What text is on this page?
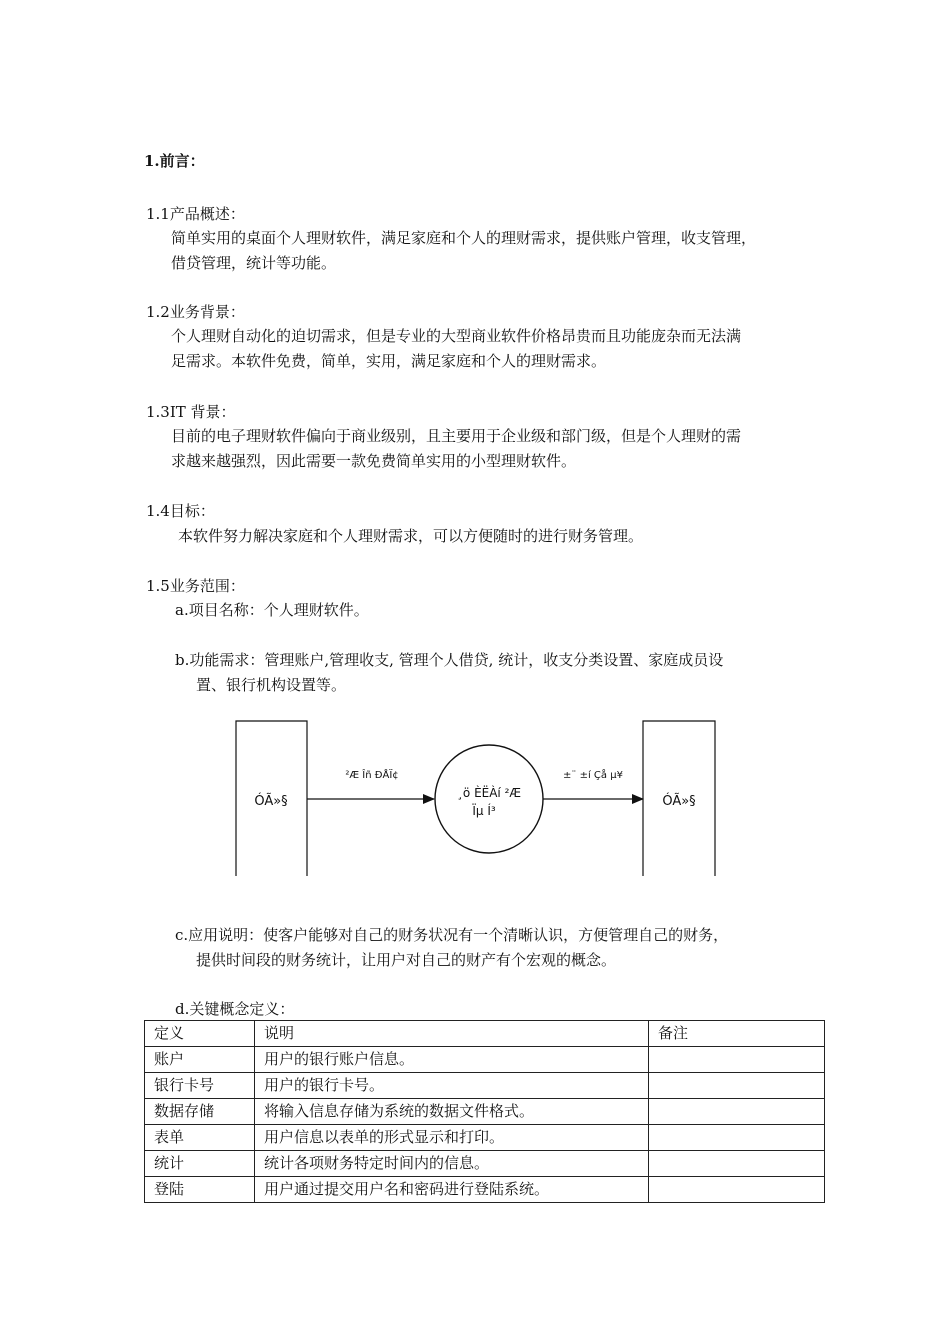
1.前言：
1.1产品概述：
简单实用的桌面个人理财软件，满足家庭和个人的理财需求，提供账户管理，收支管理，
借贷管理，统计等功能。
1.2业务背景：
个人理财自动化的迫切需求，但是专业的大型商业软件价格昂贵而且功能庞杂而无法满
足需求。本软件免费，简单，实用，满足家庭和个人的理财需求。
1.3IT 背景：
目前的电子理财软件偏向于商业级别，且主要用于企业级和部门级，但是个人理财的需
求越来越强烈，因此需要一款免费简单实用的小型理财软件。
1.4目标：
本软件努力解决家庭和个人理财需求，可以方便随时的进行财务管理。
1.5业务范围：
a.项目名称：个人理财软件。
b.功能需求：管理账户,管理收支, 管理个人借贷, 统计，收支分类设置、家庭成员设
置、银行机构设置等。
ÓÃ»§	ÓÃ»§
²Æ Îñ ÐÅÏ¢	±¨ ±í Çå µ¥
¸ö ÈËÀí ²Æ
Ïµ Í³
c.应用说明：使客户能够对自己的财务状况有一个清晰认识，方便管理自己的财务，
提供时间段的财务统计，让用户对自己的财产有个宏观的概念。
d.关键概念定义：
定义	说明	备注
账户	用户的银行账户信息。	
银行卡号	用户的银行卡号。	
数据存储	将输入信息存储为系统的数据文件格式。	
表单	用户信息以表单的形式显示和打印。	
统计	统计各项财务特定时间内的信息。	
登陆	用户通过提交用户名和密码进行登陆系统。	
